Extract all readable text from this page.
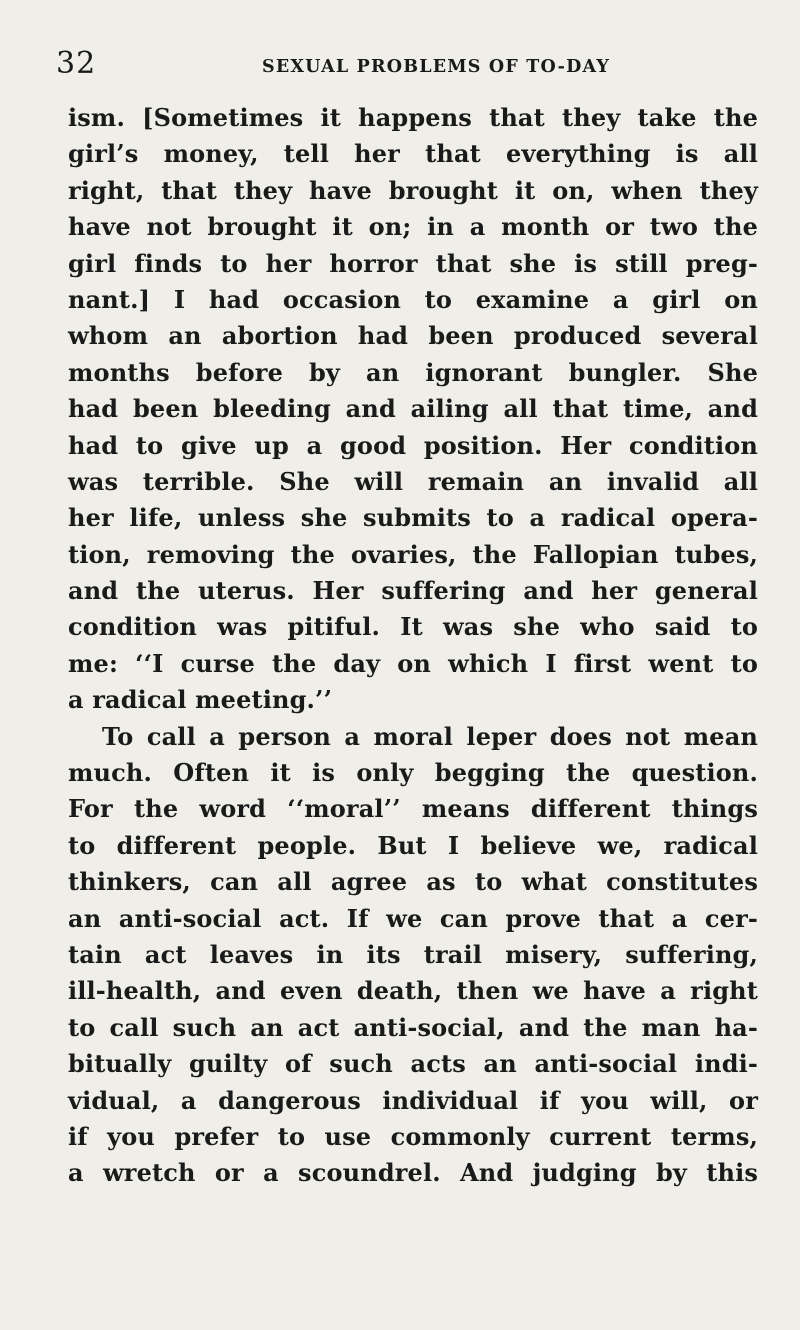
32	SEXUAL PROBLEMS OF TO-DAY
ism. [Sometimes it happens that they take the
girl’s money, tell her that everything is all
right, that they have brought it on, when they
have not brought it on; in a month or two the
girl finds to her horror that she is still preg-
nant.] I had occasion to examine a girl on
whom an abortion had been produced several
months before by an ignorant bungler. She
had been bleeding and ailing all that time, and
had to give up a good position. Her condition
was terrible. She will remain an invalid all
her life, unless she submits to a radical opera-
tion, removing the ovaries, the Fallopian tubes,
and the uterus. Her suffering and her general
condition was pitiful. It was she who said to
me: ‘‘I curse the day on which I first went to
a radical meeting.’’
To call a person a moral leper does not mean
much. Often it is only begging the question.
For the word ‘‘moral’’ means different things
to different people. But I believe we, radical
thinkers, can all agree as to what constitutes
an anti-social act. If we can prove that a cer-
tain act leaves in its trail misery, suffering,
ill-health, and even death, then we have a right
to call such an act anti-social, and the man ha-
bitually guilty of such acts an anti-social indi-
vidual, a dangerous individual if you will, or
if you prefer to use commonly current terms,
a wretch or a scoundrel. And judging by this
